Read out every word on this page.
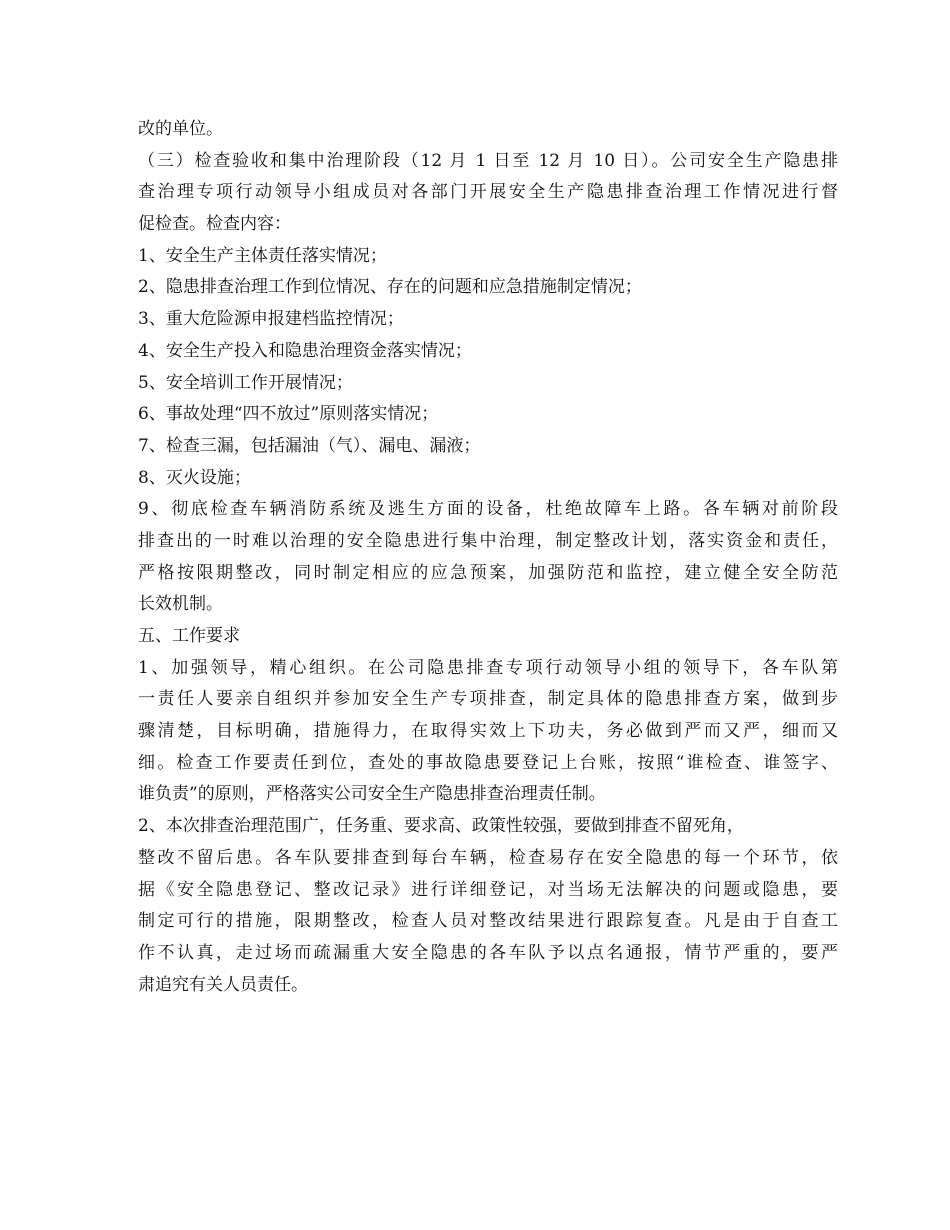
改的单位。
（三）检查验收和集中治理阶段（12 月 1 日至 12 月 10 日）。公司安全生产隐患排
查治理专项行动领导小组成员对各部门开展安全生产隐患排查治理工作情况进行督
促检查。检查内容：
1、安全生产主体责任落实情况；
2、隐患排查治理工作到位情况、存在的问题和应急措施制定情况；
3、重大危险源申报建档监控情况；
4、安全生产投入和隐患治理资金落实情况；
5、安全培训工作开展情况；
6、事故处理“四不放过”原则落实情况；
7、检查三漏，包括漏油（气）、漏电、漏液；
8、灭火设施；
9、彻底检查车辆消防系统及逃生方面的设备，杜绝故障车上路。各车辆对前阶段
排查出的一时难以治理的安全隐患进行集中治理，制定整改计划，落实资金和责任，
严格按限期整改，同时制定相应的应急预案，加强防范和监控，建立健全安全防范
长效机制。
五、工作要求
1、加强领导，精心组织。在公司隐患排查专项行动领导小组的领导下，各车队第
一责任人要亲自组织并参加安全生产专项排查，制定具体的隐患排查方案，做到步
骤清楚，目标明确，措施得力，在取得实效上下功夫，务必做到严而又严，细而又
细。检查工作要责任到位，查处的事故隐患要登记上台账，按照“谁检查、谁签字、
谁负责”的原则，严格落实公司安全生产隐患排查治理责任制。
2、本次排查治理范围广，任务重、要求高、政策性较强，要做到排查不留死角，
整改不留后患。各车队要排查到每台车辆，检查易存在安全隐患的每一个环节，依
据《安全隐患登记、整改记录》进行详细登记，对当场无法解决的问题或隐患，要
制定可行的措施，限期整改，检查人员对整改结果进行跟踪复查。凡是由于自查工
作不认真，走过场而疏漏重大安全隐患的各车队予以点名通报，情节严重的，要严
肃追究有关人员责任。
